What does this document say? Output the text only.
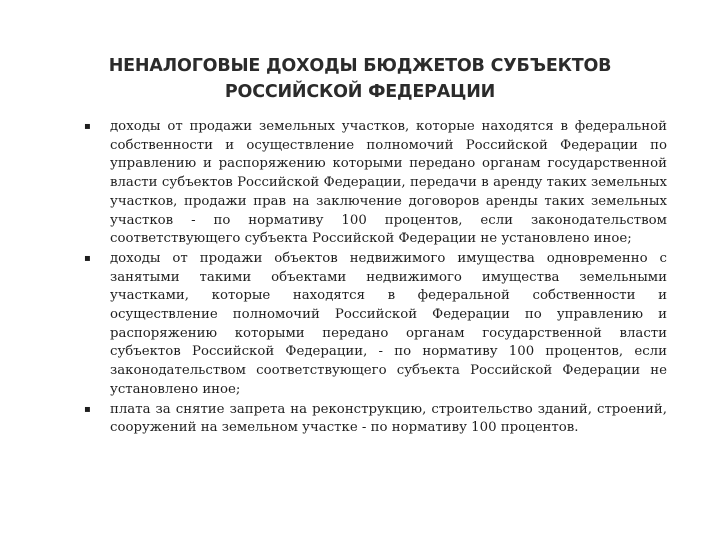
НЕНАЛОГОВЫЕ ДОХОДЫ БЮДЖЕТОВ СУБЪЕКТОВ
РОССИЙСКОЙ ФЕДЕРАЦИИ
▪ доходы от продажи земельных участков, которые находятся в федеральной собственности и осуществление полномочий Российской Федерации по управлению и распоряжению которыми передано органам государственной власти субъектов Российской Федерации, передачи в аренду таких земельных участков, продажи прав на заключение договоров аренды таких земельных участков - по нормативу 100 процентов, если законодательством соответствующего субъекта Российской Федерации не установлено иное;
▪ доходы от продажи объектов недвижимого имущества одновременно с занятыми такими объектами недвижимого имущества земельными участками, которые находятся в федеральной собственности и осуществление полномочий Российской Федерации по управлению и распоряжению которыми передано органам государственной власти субъектов Российской Федерации, - по нормативу 100 процентов, если законодательством соответствующего субъекта Российской Федерации не установлено иное;
▪ плата за снятие запрета на реконструкцию, строительство зданий, строений, сооружений на земельном участке - по нормативу 100 процентов.
